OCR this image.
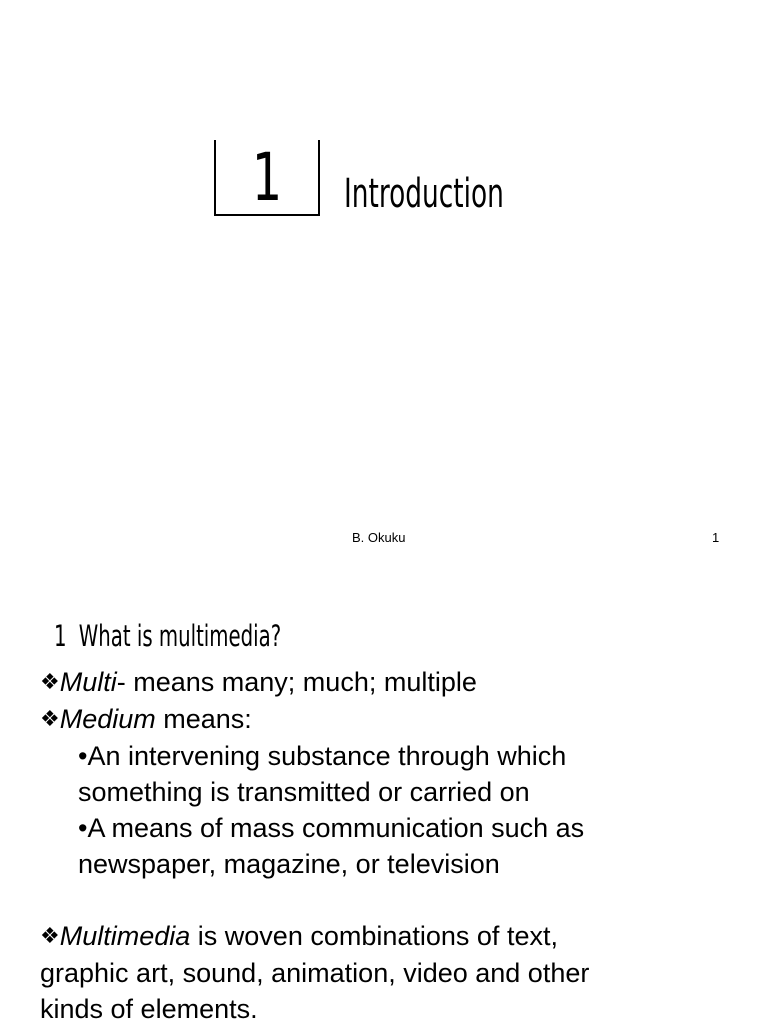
1	Introduction
B. Okuku	1
1 What is multimedia?
❖Multi- means many; much; multiple
❖Medium means:
•An intervening substance through which
something is transmitted or carried on
•A means of mass communication such as
newspaper, magazine, or television
❖Multimedia is woven combinations of text,
graphic art, sound, animation, video and other
kinds of elements.
